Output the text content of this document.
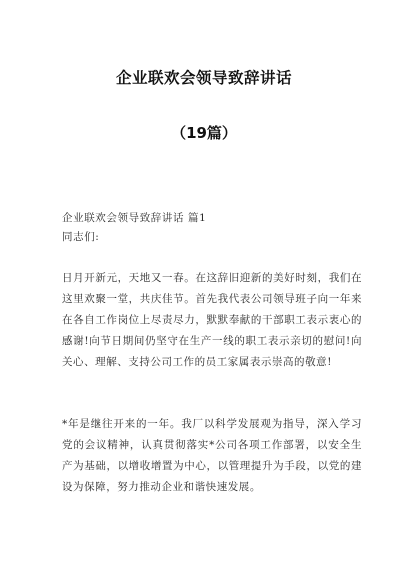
企业联欢会领导致辞讲话
（19篇）
企业联欢会领导致辞讲话 篇1
同志们:
日月开新元，天地又一春。在这辞旧迎新的美好时刻，我们在这里欢聚一堂，共庆佳节。首先我代表公司领导班子向一年来在各自工作岗位上尽责尽力，默默奉献的干部职工表示衷心的感谢!向节日期间仍坚守在生产一线的职工表示亲切的慰问!向关心、理解、支持公司工作的员工家属表示崇高的敬意!
*年是继往开来的一年。我厂以科学发展观为指导，深入学习党的会议精神，认真贯彻落实*公司各项工作部署，以安全生产为基础，以增收增置为中心，以管理提升为手段，以党的建设为保障，努力推动企业和谐快速发展。
